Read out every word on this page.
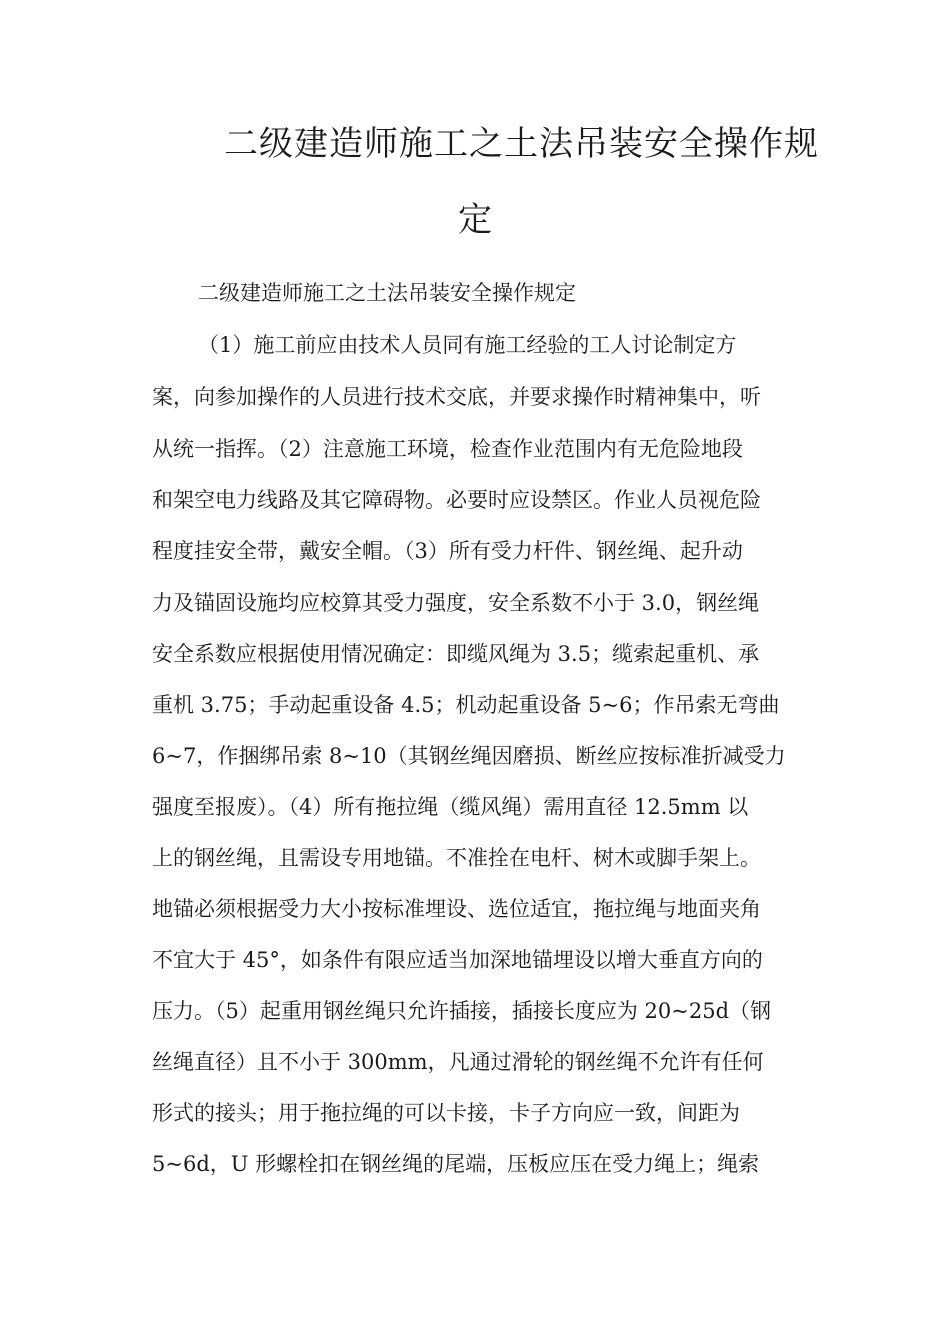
二级建造师施工之土法吊装安全操作规
定
二级建造师施工之土法吊装安全操作规定
（1）施工前应由技术人员同有施工经验的工人讨论制定方
案，向参加操作的人员进行技术交底，并要求操作时精神集中，听
从统一指挥。（2）注意施工环境，检查作业范围内有无危险地段
和架空电力线路及其它障碍物。必要时应设禁区。作业人员视危险
程度挂安全带，戴安全帽。（3）所有受力杆件、钢丝绳、起升动
力及锚固设施均应校算其受力强度，安全系数不小于 3.0，钢丝绳
安全系数应根据使用情况确定：即缆风绳为 3.5；缆索起重机、承
重机 3.75；手动起重设备 4.5；机动起重设备 5~6；作吊索无弯曲
6~7，作捆绑吊索 8~10（其钢丝绳因磨损、断丝应按标准折减受力
强度至报废）。（4）所有拖拉绳（缆风绳）需用直径 12.5mm 以
上的钢丝绳，且需设专用地锚。不准拴在电杆、树木或脚手架上。
地锚必须根据受力大小按标准埋设、选位适宜，拖拉绳与地面夹角
不宜大于 45°，如条件有限应适当加深地锚埋设以增大垂直方向的
压力。（5）起重用钢丝绳只允许插接，插接长度应为 20~25d（钢
丝绳直径）且不小于 300mm，凡通过滑轮的钢丝绳不允许有任何
形式的接头；用于拖拉绳的可以卡接，卡子方向应一致，间距为
5~6d，U 形螺栓扣在钢丝绳的尾端，压板应压在受力绳上；绳索
